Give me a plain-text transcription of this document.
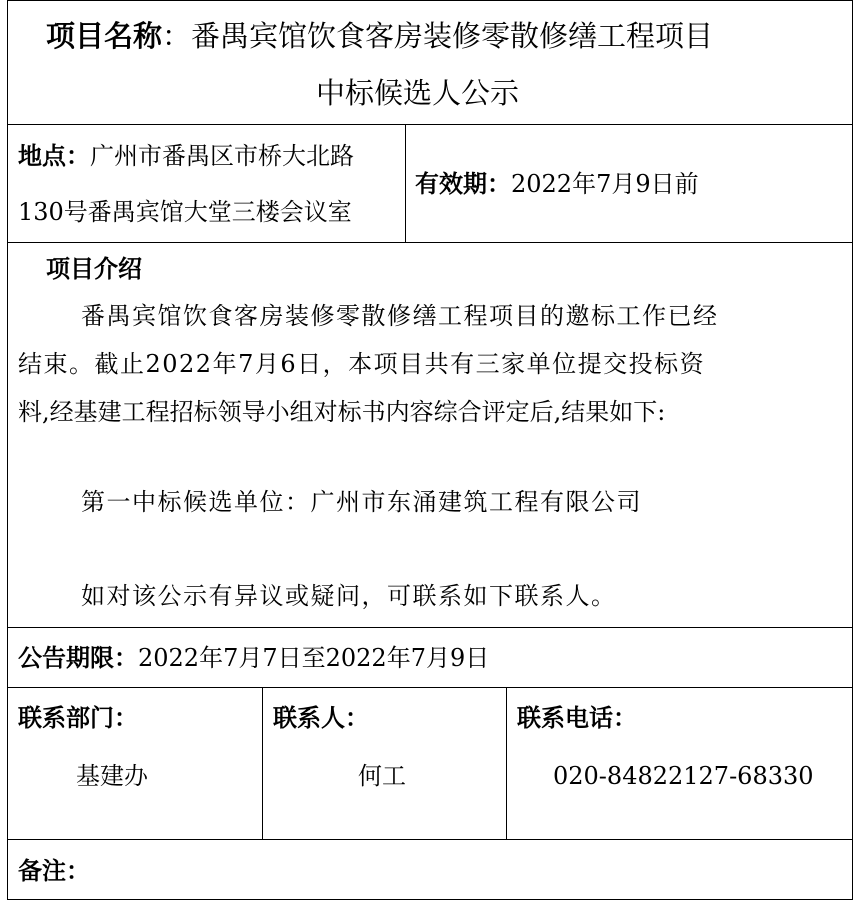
项目名称：番禺宾馆饮食客房装修零散修缮工程项目
中标候选人公示
地点：广州市番禺区市桥大北路
130号番禺宾馆大堂三楼会议室
有效期：2022年7月9日前
项目介绍
番禺宾馆饮食客房装修零散修缮工程项目的邀标工作已经
结束。截止2022年7月6日，本项目共有三家单位提交投标资
料,经基建工程招标领导小组对标书内容综合评定后,结果如下:
第一中标候选单位：广州市东涌建筑工程有限公司
如对该公示有异议或疑问，可联系如下联系人。
公告期限：2022年7月7日至2022年7月9日
联系部门：
基建办
联系人：
何工
联系电话：
020-84822127-68330
备注：
